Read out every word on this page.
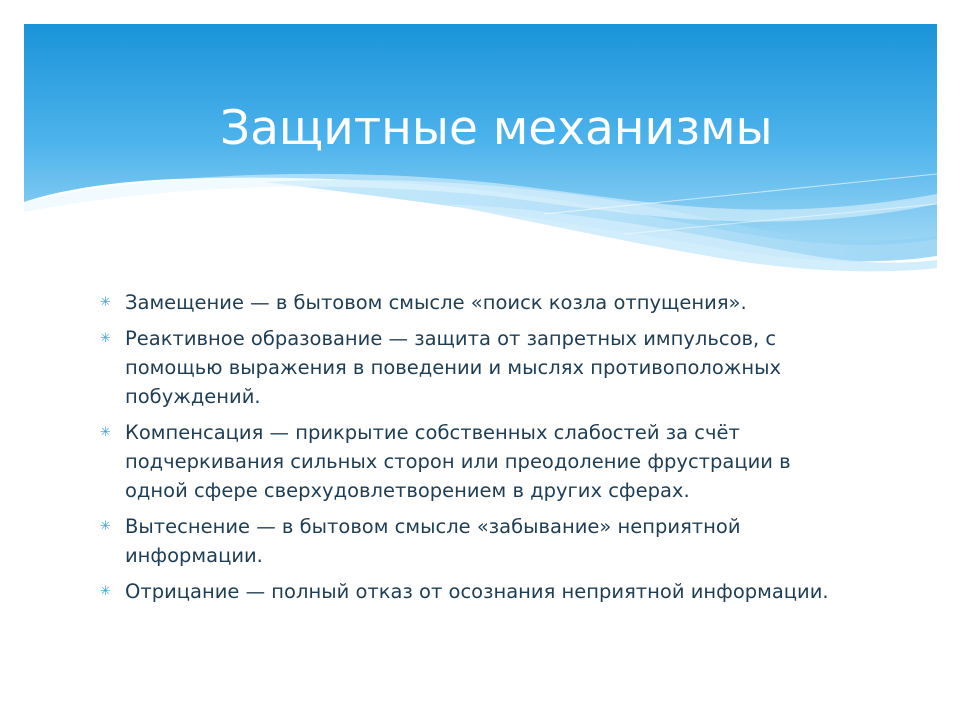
Защитные механизмы
✳ Замещение — в бытовом смысле «поиск козла отпущения».
✳ Реактивное образование — защита от запретных импульсов, с помощью выражения в поведении и мыслях противоположных побуждений.
✳ Компенсация — прикрытие собственных слабостей за счёт подчеркивания сильных сторон или преодоление фрустрации в одной сфере сверхудовлетворением в других сферах.
✳ Вытеснение — в бытовом смысле «забывание» неприятной информации.
✳ Отрицание — полный отказ от осознания неприятной информации.
